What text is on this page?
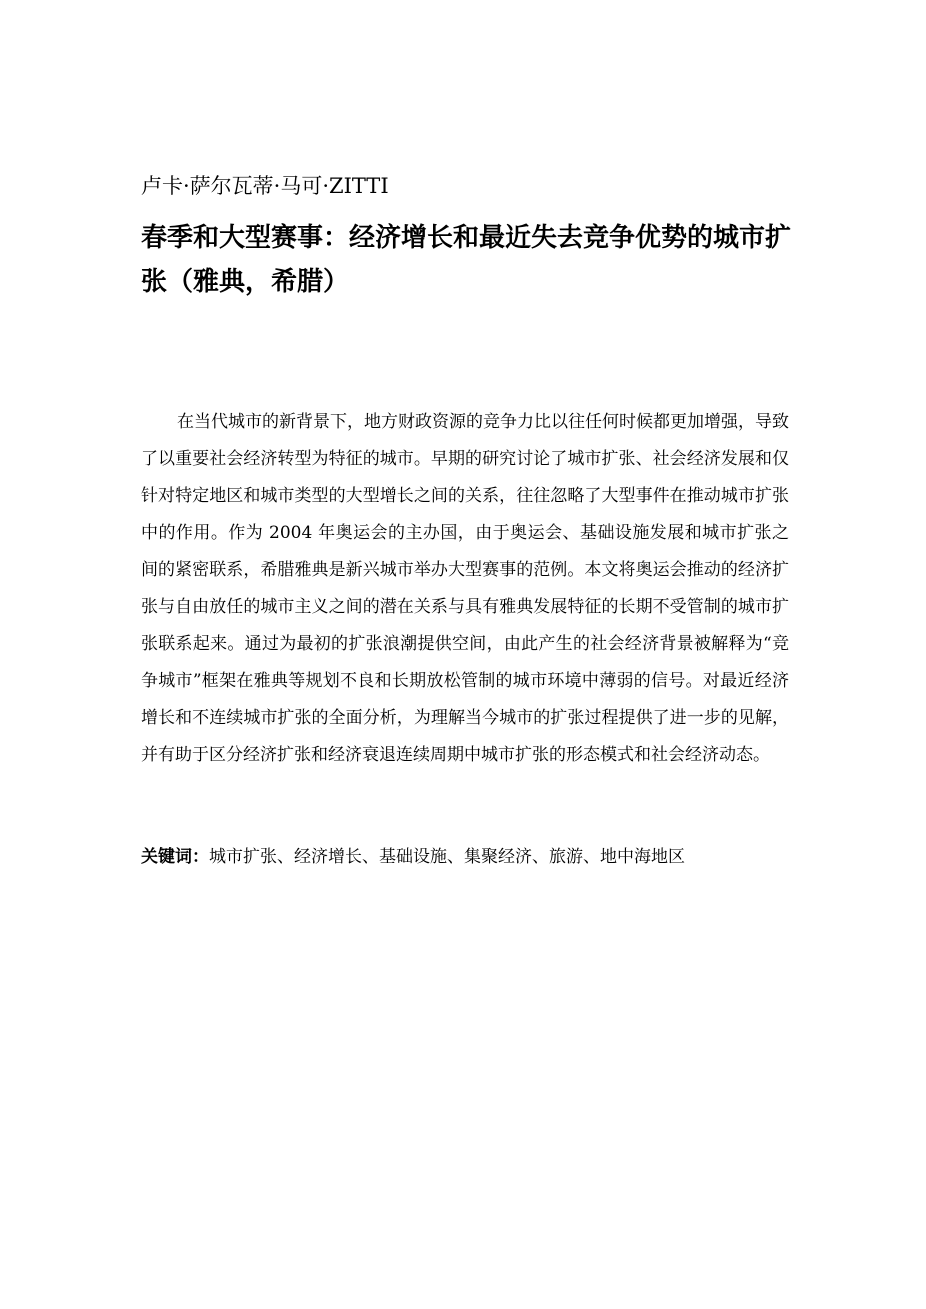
卢卡·萨尔瓦蒂·马可·ZITTI
春季和大型赛事：经济增长和最近失去竞争优势的城市扩张（雅典，希腊）
在当代城市的新背景下，地方财政资源的竞争力比以往任何时候都更加增强，导致了以重要社会经济转型为特征的城市。早期的研究讨论了城市扩张、社会经济发展和仅针对特定地区和城市类型的大型增长之间的关系，往往忽略了大型事件在推动城市扩张中的作用。作为 2004 年奥运会的主办国，由于奥运会、基础设施发展和城市扩张之间的紧密联系，希腊雅典是新兴城市举办大型赛事的范例。本文将奥运会推动的经济扩张与自由放任的城市主义之间的潜在关系与具有雅典发展特征的长期不受管制的城市扩张联系起来。通过为最初的扩张浪潮提供空间，由此产生的社会经济背景被解释为“竞争城市”框架在雅典等规划不良和长期放松管制的城市环境中薄弱的信号。对最近经济增长和不连续城市扩张的全面分析，为理解当今城市的扩张过程提供了进一步的见解，并有助于区分经济扩张和经济衰退连续周期中城市扩张的形态模式和社会经济动态。
关键词：城市扩张、经济增长、基础设施、集聚经济、旅游、地中海地区
